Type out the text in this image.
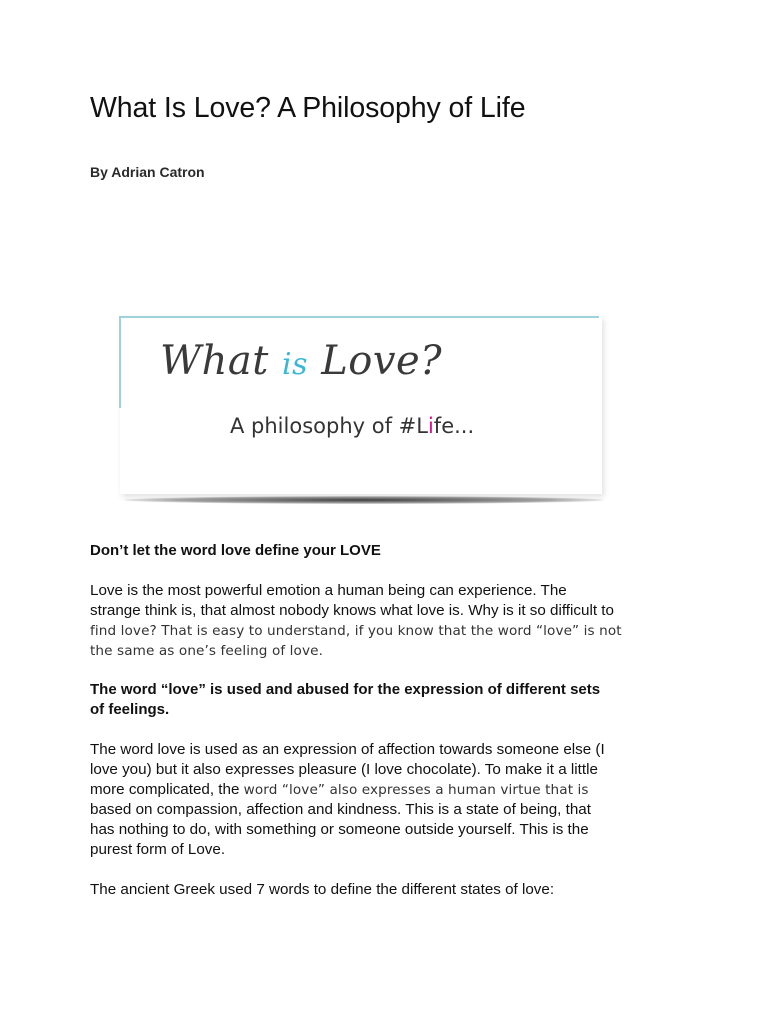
What Is Love? A Philosophy of Life
By Adrian Catron
What is Love?
A philosophy of #Life...
Don’t let the word love define your LOVE
Love is the most powerful emotion a human being can experience. The
strange think is, that almost nobody knows what love is. Why is it so difficult to
find love? That is easy to understand, if you know that the word “love” is not
the same as one’s feeling of love.
The word “love” is used and abused for the expression of different sets
of feelings.
The word love is used as an expression of affection towards someone else (I
love you) but it also expresses pleasure (I love chocolate). To make it a little
more complicated, the word “love” also expresses a human virtue that is
based on compassion, affection and kindness. This is a state of being, that
has nothing to do, with something or someone outside yourself. This is the
purest form of Love.
The ancient Greek used 7 words to define the different states of love:
